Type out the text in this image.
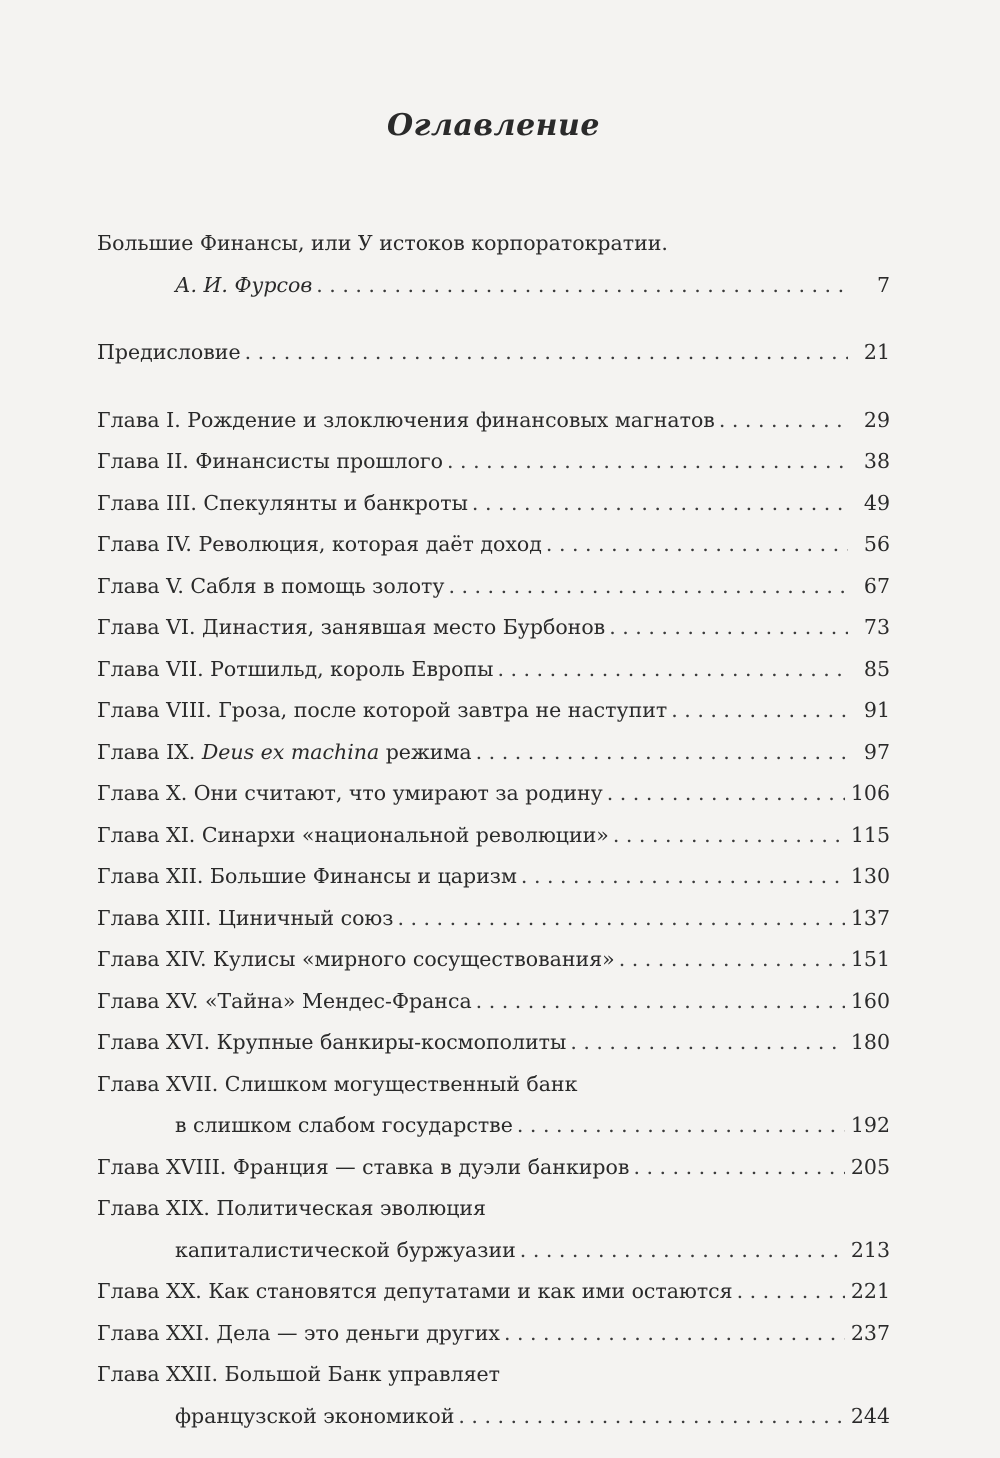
Оглавление
Большие Финансы, или У истоков корпоратократии.
А. И. Фурсов . . .	7
Предисловие . . .	21
Глава I. Рождение и злоключения финансовых магнатов . . .	29
Глава II. Финансисты прошлого . . .	38
Глава III. Спекулянты и банкроты . . .	49
Глава IV. Революция, которая даёт доход . . .	56
Глава V. Сабля в помощь золоту . . .	67
Глава VI. Династия, занявшая место Бурбонов . . .	73
Глава VII. Ротшильд, король Европы . . .	85
Глава VIII. Гроза, после которой завтра не наступит . . .	91
Глава IX. Deus ex machina режима . . .	97
Глава X. Они считают, что умирают за родину . . .	106
Глава XI. Синархи «национальной революции» . . .	115
Глава XII. Большие Финансы и царизм . . .	130
Глава XIII. Циничный союз . . .	137
Глава XIV. Кулисы «мирного сосуществования» . . .	151
Глава XV. «Тайна» Мендес-Франса . . .	160
Глава XVI. Крупные банкиры-космополиты . . .	180
Глава XVII. Слишком могущественный банк
в слишком слабом государстве . . .	192
Глава XVIII. Франция — ставка в дуэли банкиров . . .	205
Глава XIX. Политическая эволюция
капиталистической буржуазии . . .	213
Глава XX. Как становятся депутатами и как ими остаются . . .	221
Глава XXI. Дела — это деньги других . . .	237
Глава XXII. Большой Банк управляет
французской экономикой . . .	244
